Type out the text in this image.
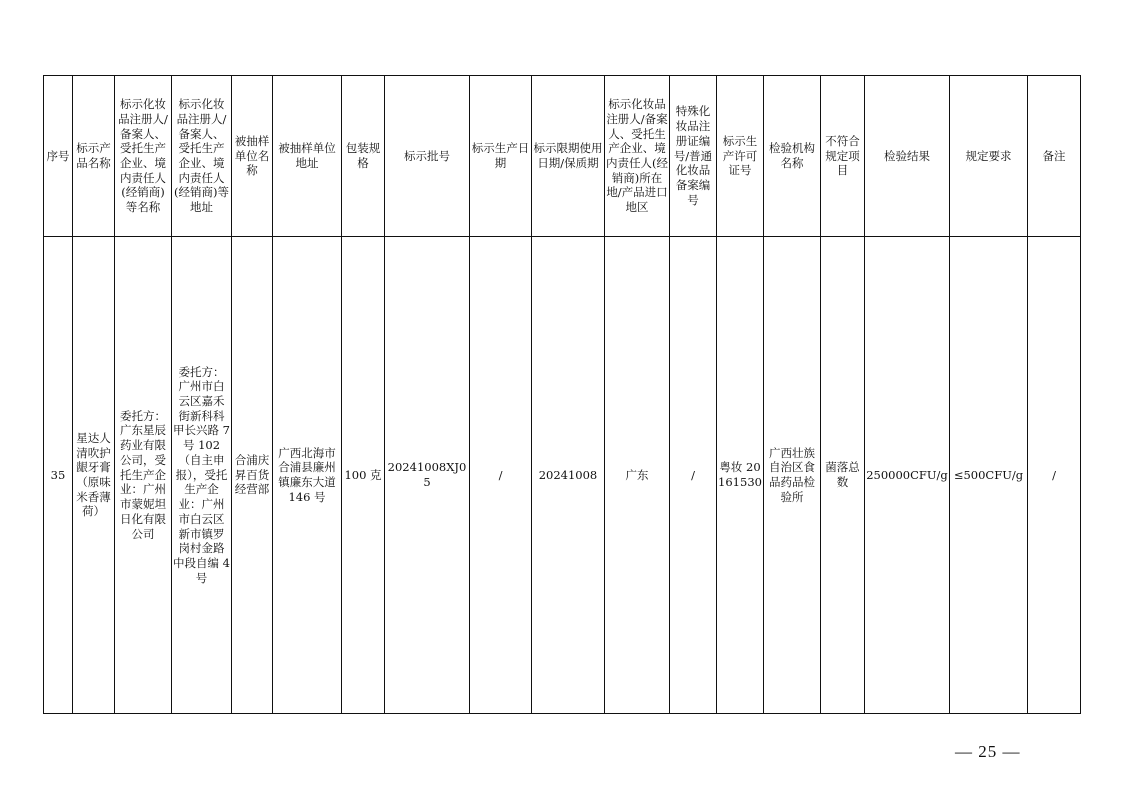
序号	标示产品名称	标示化妆品注册人/备案人、受托生产企业、境内责任人(经销商)等名称	标示化妆品注册人/备案人、受托生产企业、境内责任人(经销商)等地址	被抽样单位名称	被抽样单位地址	包装规格	标示批号	标示生产日期	标示限期使用日期/保质期	标示化妆品注册人/备案人、受托生产企业、境内责任人(经销商)所在地/产品进口地区	特殊化妆品注册证编号/普通化妆品备案编号	标示生产许可证号	检验机构名称	不符合规定项目	检验结果	规定要求	备注
35	星达人清吹护龈牙膏（原味米香薄荷）	委托方：广东星辰药业有限公司，受托生产企业：广州市蒙妮坦日化有限公司	委托方：广州市白云区嘉禾街新科科甲长兴路 7 号 102（自主申报），受托生产企业：广州市白云区新市镇罗岗村金路中段自编 4 号	合浦庆昇百货经营部	广西北海市合浦县廉州镇廉东大道 146 号	100 克	20241008XJ05	/	20241008	广东	/	粤妆 20161530	广西壮族自治区食品药品检验所	菌落总数	250000CFU/g	≤500CFU/g	/
— 25 —
